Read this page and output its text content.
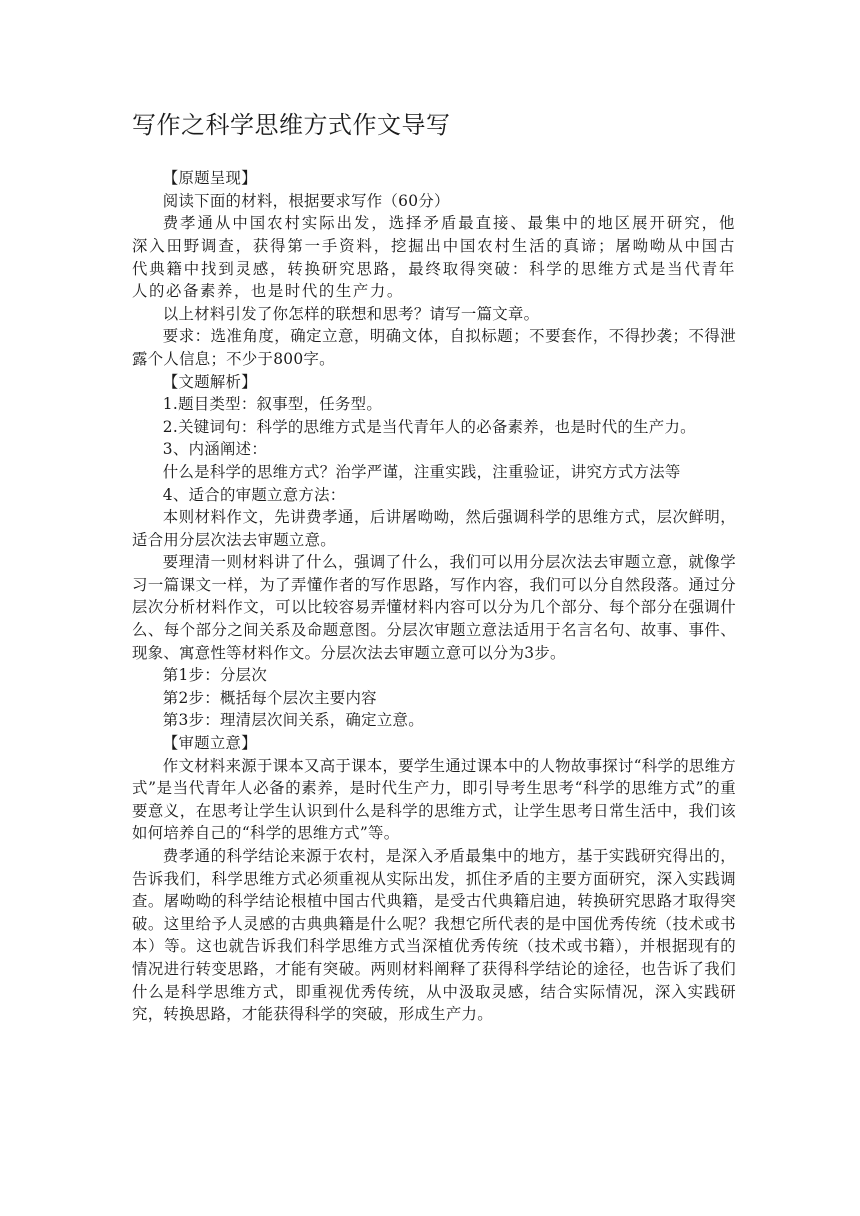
写作之科学思维方式作文导写

【原题呈现】

阅读下面的材料，根据要求写作（60分）

费孝通从中国农村实际出发，选择矛盾最直接、最集中的地区展开研究，他深入田野调查，获得第一手资料，挖掘出中国农村生活的真谛；屠呦呦从中国古代典籍中找到灵感，转换研究思路，最终取得突破：科学的思维方式是当代青年人的必备素养，也是时代的生产力。

以上材料引发了你怎样的联想和思考？请写一篇文章。

要求：选准角度，确定立意，明确文体，自拟标题；不要套作，不得抄袭；不得泄露个人信息；不少于800字。

【文题解析】

1.题目类型：叙事型，任务型。

2.关键词句：科学的思维方式是当代青年人的必备素养，也是时代的生产力。

3、内涵阐述：

什么是科学的思维方式？治学严谨，注重实践，注重验证，讲究方式方法等

4、适合的审题立意方法：

本则材料作文，先讲费孝通，后讲屠呦呦，然后强调科学的思维方式，层次鲜明，适合用分层次法去审题立意。

要理清一则材料讲了什么，强调了什么，我们可以用分层次法去审题立意，就像学习一篇课文一样，为了弄懂作者的写作思路，写作内容，我们可以分自然段落。通过分层次分析材料作文，可以比较容易弄懂材料内容可以分为几个部分、每个部分在强调什么、每个部分之间关系及命题意图。分层次审题立意法适用于名言名句、故事、事件、现象、寓意性等材料作文。分层次法去审题立意可以分为3步。

第1步：分层次

第2步：概括每个层次主要内容

第3步：理清层次间关系，确定立意。

【审题立意】

作文材料来源于课本又高于课本，要学生通过课本中的人物故事探讨“科学的思维方式”是当代青年人必备的素养，是时代生产力，即引导考生思考“科学的思维方式”的重要意义，在思考让学生认识到什么是科学的思维方式，让学生思考日常生活中，我们该如何培养自己的“科学的思维方式”等。

费孝通的科学结论来源于农村，是深入矛盾最集中的地方，基于实践研究得出的，告诉我们，科学思维方式必须重视从实际出发，抓住矛盾的主要方面研究，深入实践调查。屠呦呦的科学结论根植中国古代典籍，是受古代典籍启迪，转换研究思路才取得突破。这里给予人灵感的古典典籍是什么呢？我想它所代表的是中国优秀传统（技术或书本）等。这也就告诉我们科学思维方式当深植优秀传统（技术或书籍），并根据现有的情况进行转变思路，才能有突破。两则材料阐释了获得科学结论的途径，也告诉了我们什么是科学思维方式，即重视优秀传统，从中汲取灵感，结合实际情况，深入实践研究，转换思路，才能获得科学的突破，形成生产力。
